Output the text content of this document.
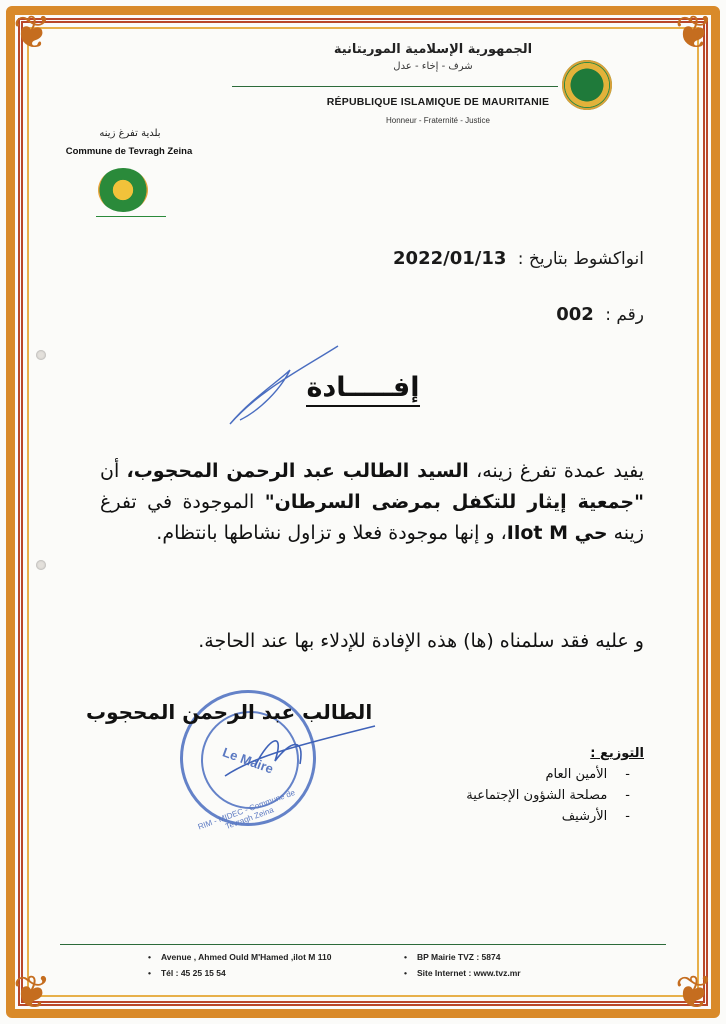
❦	❦
❦	❦
الجمهورية الإسلامية الموريتانية
شرف - إخاء - عدل
RÉPUBLIQUE ISLAMIQUE DE MAURITANIE
Honneur - Fraternité - Justice
بلدية تفرغ زينه
Commune de Tevragh Zeina
انواكشوط بتاريخ : 2022/01/13
رقم : 002
إفـــــادة
يفيد عمدة تفرغ زينه، السيد الطالب عبد الرحمن المحجوب، أن "جمعية إيثار للتكفل بمرضى السرطان" الموجودة في تفرغ زينه حي Ilot M، و إنها موجودة فعلا و تزاول نشاطها بانتظام.
و عليه فقد سلمناه (ها) هذه الإفادة للإدلاء بها عند الحاجة.
Le Maire
RIM - MIDEC - Commune de Tevragh Zeina
الطالب عبد الرحمن المحجوب
التوزيع :
- الأمين العام
- مصلحة الشؤون الإجتماعية
- الأرشيف
• Avenue , Ahmed Ould M'Hamed ,ilot M 110
• Tél : 45 25 15 54
• BP Mairie TVZ : 5874
• Site Internet : www.tvz.mr
